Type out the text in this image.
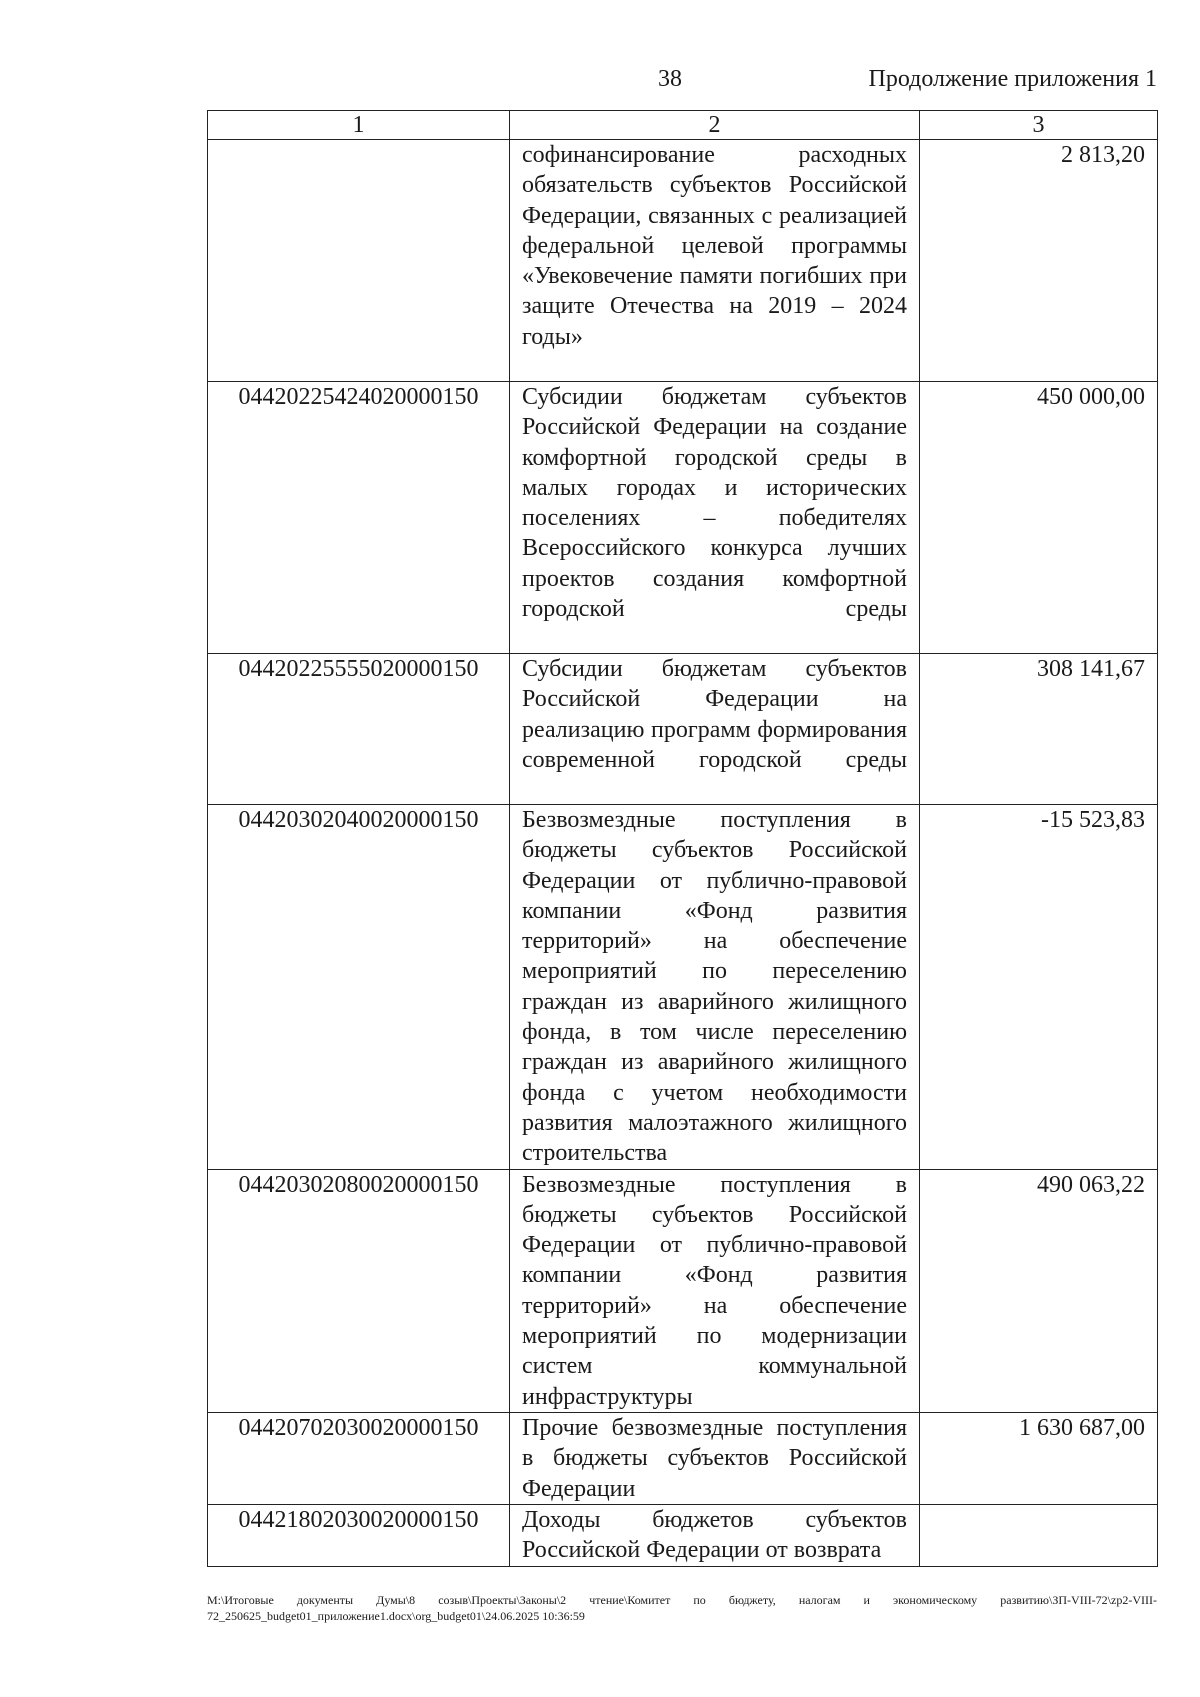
38	Продолжение приложения 1
1	2	3
	софинансирование расходных обязательств субъектов Российской Федерации, связанных с реализацией федеральной целевой программы «Увековечение памяти погибших при защите Отечества на 2019 – 2024 годы»	2 813,20
04420225424020000150	Субсидии бюджетам субъектов Российской Федерации на создание комфортной городской среды в малых городах и исторических поселениях – победителях Всероссийского конкурса лучших проектов создания комфортной городской среды	450 000,00
04420225555020000150	Субсидии бюджетам субъектов Российской Федерации на реализацию программ формирования современной городской среды	308 141,67
04420302040020000150	Безвозмездные поступления в бюджеты субъектов Российской Федерации от публично-правовой компании «Фонд развития территорий» на обеспечение мероприятий по переселению граждан из аварийного жилищного фонда, в том числе переселению граждан из аварийного жилищного фонда с учетом необходимости развития малоэтажного жилищного строительства	-15 523,83
04420302080020000150	Безвозмездные поступления в бюджеты субъектов Российской Федерации от публично-правовой компании «Фонд развития территорий» на обеспечение мероприятий по модернизации систем коммунальной инфраструктуры	490 063,22
04420702030020000150	Прочие безвозмездные поступления в бюджеты субъектов Российской Федерации	1 630 687,00
04421802030020000150	Доходы бюджетов субъектов Российской Федерации от возврата	
М:\Итоговые документы Думы\8 созыв\Проекты\Законы\2 чтение\Комитет по бюджету, налогам и экономическому развитию\ЗП-VIII-72\zp2-VIII-72_250625_budget01_приложение1.docx\org_budget01\24.06.2025 10:36:59
